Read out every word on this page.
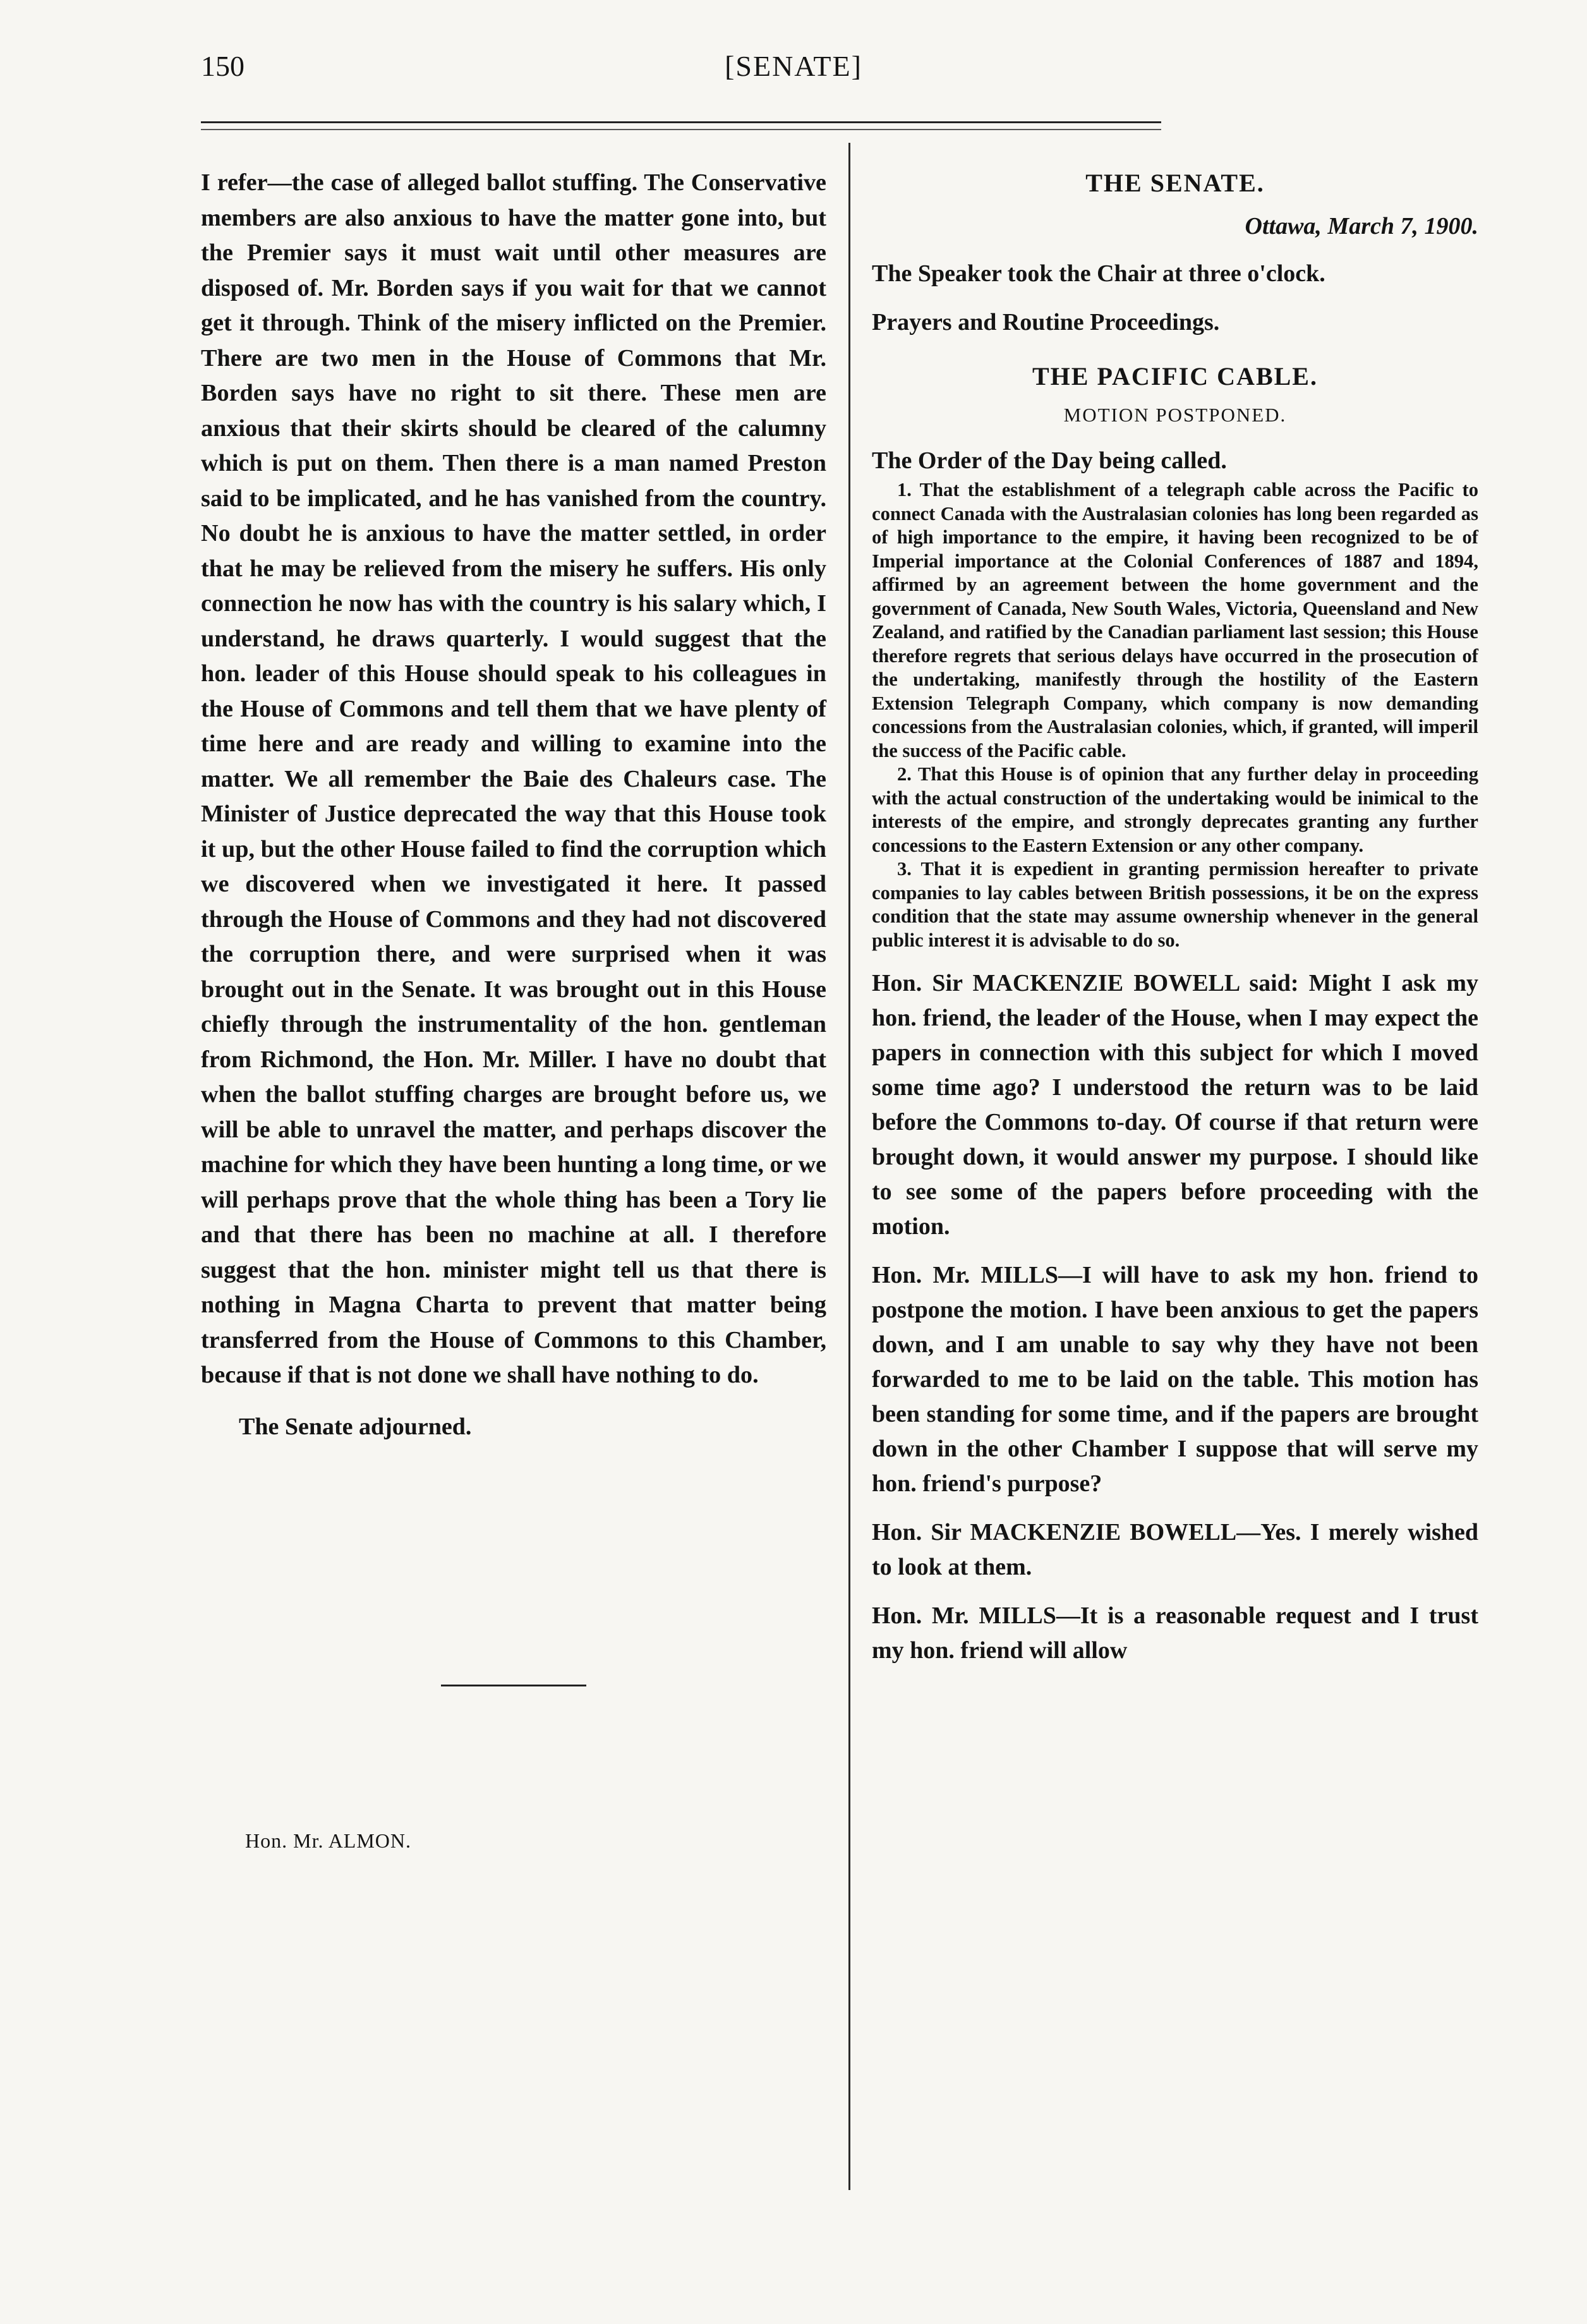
150	[SENATE]

I refer—the case of alleged ballot stuffing. The Conservative members are also anxious to have the matter gone into, but the Premier says it must wait until other measures are disposed of. Mr. Borden says if you wait for that we cannot get it through. Think of the misery inflicted on the Premier. There are two men in the House of Commons that Mr. Borden says have no right to sit there. These men are anxious that their skirts should be cleared of the calumny which is put on them. Then there is a man named Preston said to be implicated, and he has vanished from the country. No doubt he is anxious to have the matter settled, in order that he may be relieved from the misery he suffers. His only connection he now has with the country is his salary which, I understand, he draws quarterly. I would suggest that the hon. leader of this House should speak to his colleagues in the House of Commons and tell them that we have plenty of time here and are ready and willing to examine into the matter. We all remember the Baie des Chaleurs case. The Minister of Justice deprecated the way that this House took it up, but the other House failed to find the corruption which we discovered when we investigated it here. It passed through the House of Commons and they had not discovered the corruption there, and were surprised when it was brought out in the Senate. It was brought out in this House chiefly through the instrumentality of the hon. gentleman from Richmond, the Hon. Mr. Miller. I have no doubt that when the ballot stuffing charges are brought before us, we will be able to unravel the matter, and perhaps discover the machine for which they have been hunting a long time, or we will perhaps prove that the whole thing has been a Tory lie and that there has been no machine at all. I therefore suggest that the hon. minister might tell us that there is nothing in Magna Charta to prevent that matter being transferred from the House of Commons to this Chamber, because if that is not done we shall have nothing to do.

The Senate adjourned.

Hon. Mr. ALMON.

THE SENATE.

Ottawa, March 7, 1900.

The Speaker took the Chair at three o'clock.

Prayers and Routine Proceedings.

THE PACIFIC CABLE.

MOTION POSTPONED.

The Order of the Day being called.

1. That the establishment of a telegraph cable across the Pacific to connect Canada with the Australasian colonies has long been regarded as of high importance to the empire, it having been recognized to be of Imperial importance at the Colonial Conferences of 1887 and 1894, affirmed by an agreement between the home government and the government of Canada, New South Wales, Victoria, Queensland and New Zealand, and ratified by the Canadian parliament last session; this House therefore regrets that serious delays have occurred in the prosecution of the undertaking, manifestly through the hostility of the Eastern Extension Telegraph Company, which company is now demanding concessions from the Australasian colonies, which, if granted, will imperil the success of the Pacific cable.

2. That this House is of opinion that any further delay in proceeding with the actual construction of the undertaking would be inimical to the interests of the empire, and strongly deprecates granting any further concessions to the Eastern Extension or any other company.

3. That it is expedient in granting permission hereafter to private companies to lay cables between British possessions, it be on the express condition that the state may assume ownership whenever in the general public interest it is advisable to do so.

Hon. Sir MACKENZIE BOWELL said: Might I ask my hon. friend, the leader of the House, when I may expect the papers in connection with this subject for which I moved some time ago? I understood the return was to be laid before the Commons to-day. Of course if that return were brought down, it would answer my purpose. I should like to see some of the papers before proceeding with the motion.

Hon. Mr. MILLS—I will have to ask my hon. friend to postpone the motion. I have been anxious to get the papers down, and I am unable to say why they have not been forwarded to me to be laid on the table. This motion has been standing for some time, and if the papers are brought down in the other Chamber I suppose that will serve my hon. friend's purpose?

Hon. Sir MACKENZIE BOWELL—Yes. I merely wished to look at them.

Hon. Mr. MILLS—It is a reasonable request and I trust my hon. friend will allow
